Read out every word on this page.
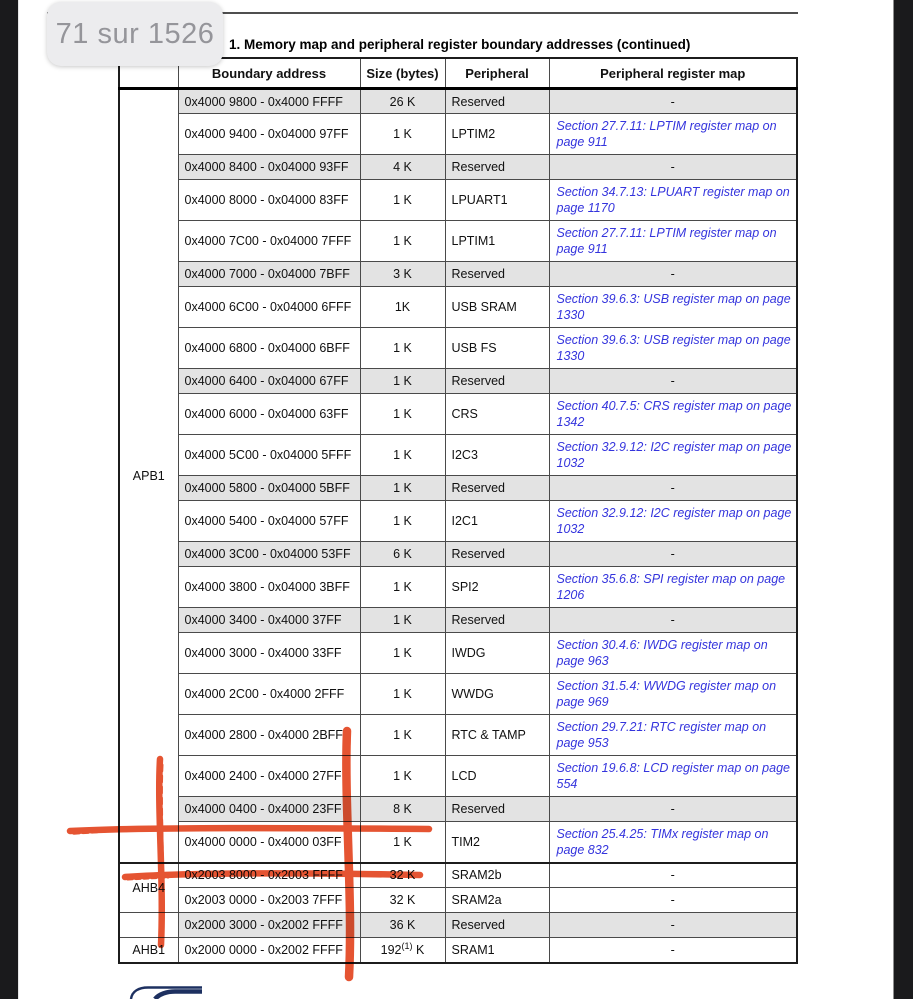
1. Memory map and peripheral register boundary addresses (continued)
	Boundary address	Size (bytes)	Peripheral	Peripheral register map
APB1	0x4000 9800 - 0x4000 FFFF	26 K	Reserved	-
	0x4000 9400 - 0x04000 97FF	1 K	LPTIM2	Section 27.7.11: LPTIM register map on page 911
	0x4000 8400 - 0x04000 93FF	4 K	Reserved	-
	0x4000 8000 - 0x04000 83FF	1 K	LPUART1	Section 34.7.13: LPUART register map on page 1170
	0x4000 7C00 - 0x04000 7FFF	1 K	LPTIM1	Section 27.7.11: LPTIM register map on page 911
	0x4000 7000 - 0x04000 7BFF	3 K	Reserved	-
	0x4000 6C00 - 0x04000 6FFF	1K	USB SRAM	Section 39.6.3: USB register map on page 1330
	0x4000 6800 - 0x04000 6BFF	1 K	USB FS	Section 39.6.3: USB register map on page 1330
	0x4000 6400 - 0x04000 67FF	1 K	Reserved	-
	0x4000 6000 - 0x04000 63FF	1 K	CRS	Section 40.7.5: CRS register map on page 1342
	0x4000 5C00 - 0x04000 5FFF	1 K	I2C3	Section 32.9.12: I2C register map on page 1032
	0x4000 5800 - 0x04000 5BFF	1 K	Reserved	-
	0x4000 5400 - 0x04000 57FF	1 K	I2C1	Section 32.9.12: I2C register map on page 1032
	0x4000 3C00 - 0x04000 53FF	6 K	Reserved	-
	0x4000 3800 - 0x04000 3BFF	1 K	SPI2	Section 35.6.8: SPI register map on page 1206
	0x4000 3400 - 0x4000 37FF	1 K	Reserved	-
	0x4000 3000 - 0x4000 33FF	1 K	IWDG	Section 30.4.6: IWDG register map on page 963
	0x4000 2C00 - 0x4000 2FFF	1 K	WWDG	Section 31.5.4: WWDG register map on page 969
	0x4000 2800 - 0x4000 2BFF	1 K	RTC & TAMP	Section 29.7.21: RTC register map on page 953
	0x4000 2400 - 0x4000 27FF	1 K	LCD	Section 19.6.8: LCD register map on page 554
	0x4000 0400 - 0x4000 23FF	8 K	Reserved	-
	0x4000 0000 - 0x4000 03FF	1 K	TIM2	Section 25.4.25: TIMx register map on page 832
AHB4	0x2003 8000 - 0x2003 FFFF	32 K	SRAM2b	-
	0x2003 0000 - 0x2003 7FFF	32 K	SRAM2a	-
	0x2000 3000 - 0x2002 FFFF	36 K	Reserved	-
AHB1	0x2000 0000 - 0x2002 FFFF	192$^{(1)}$ K	SRAM1	-
71 sur 1526
